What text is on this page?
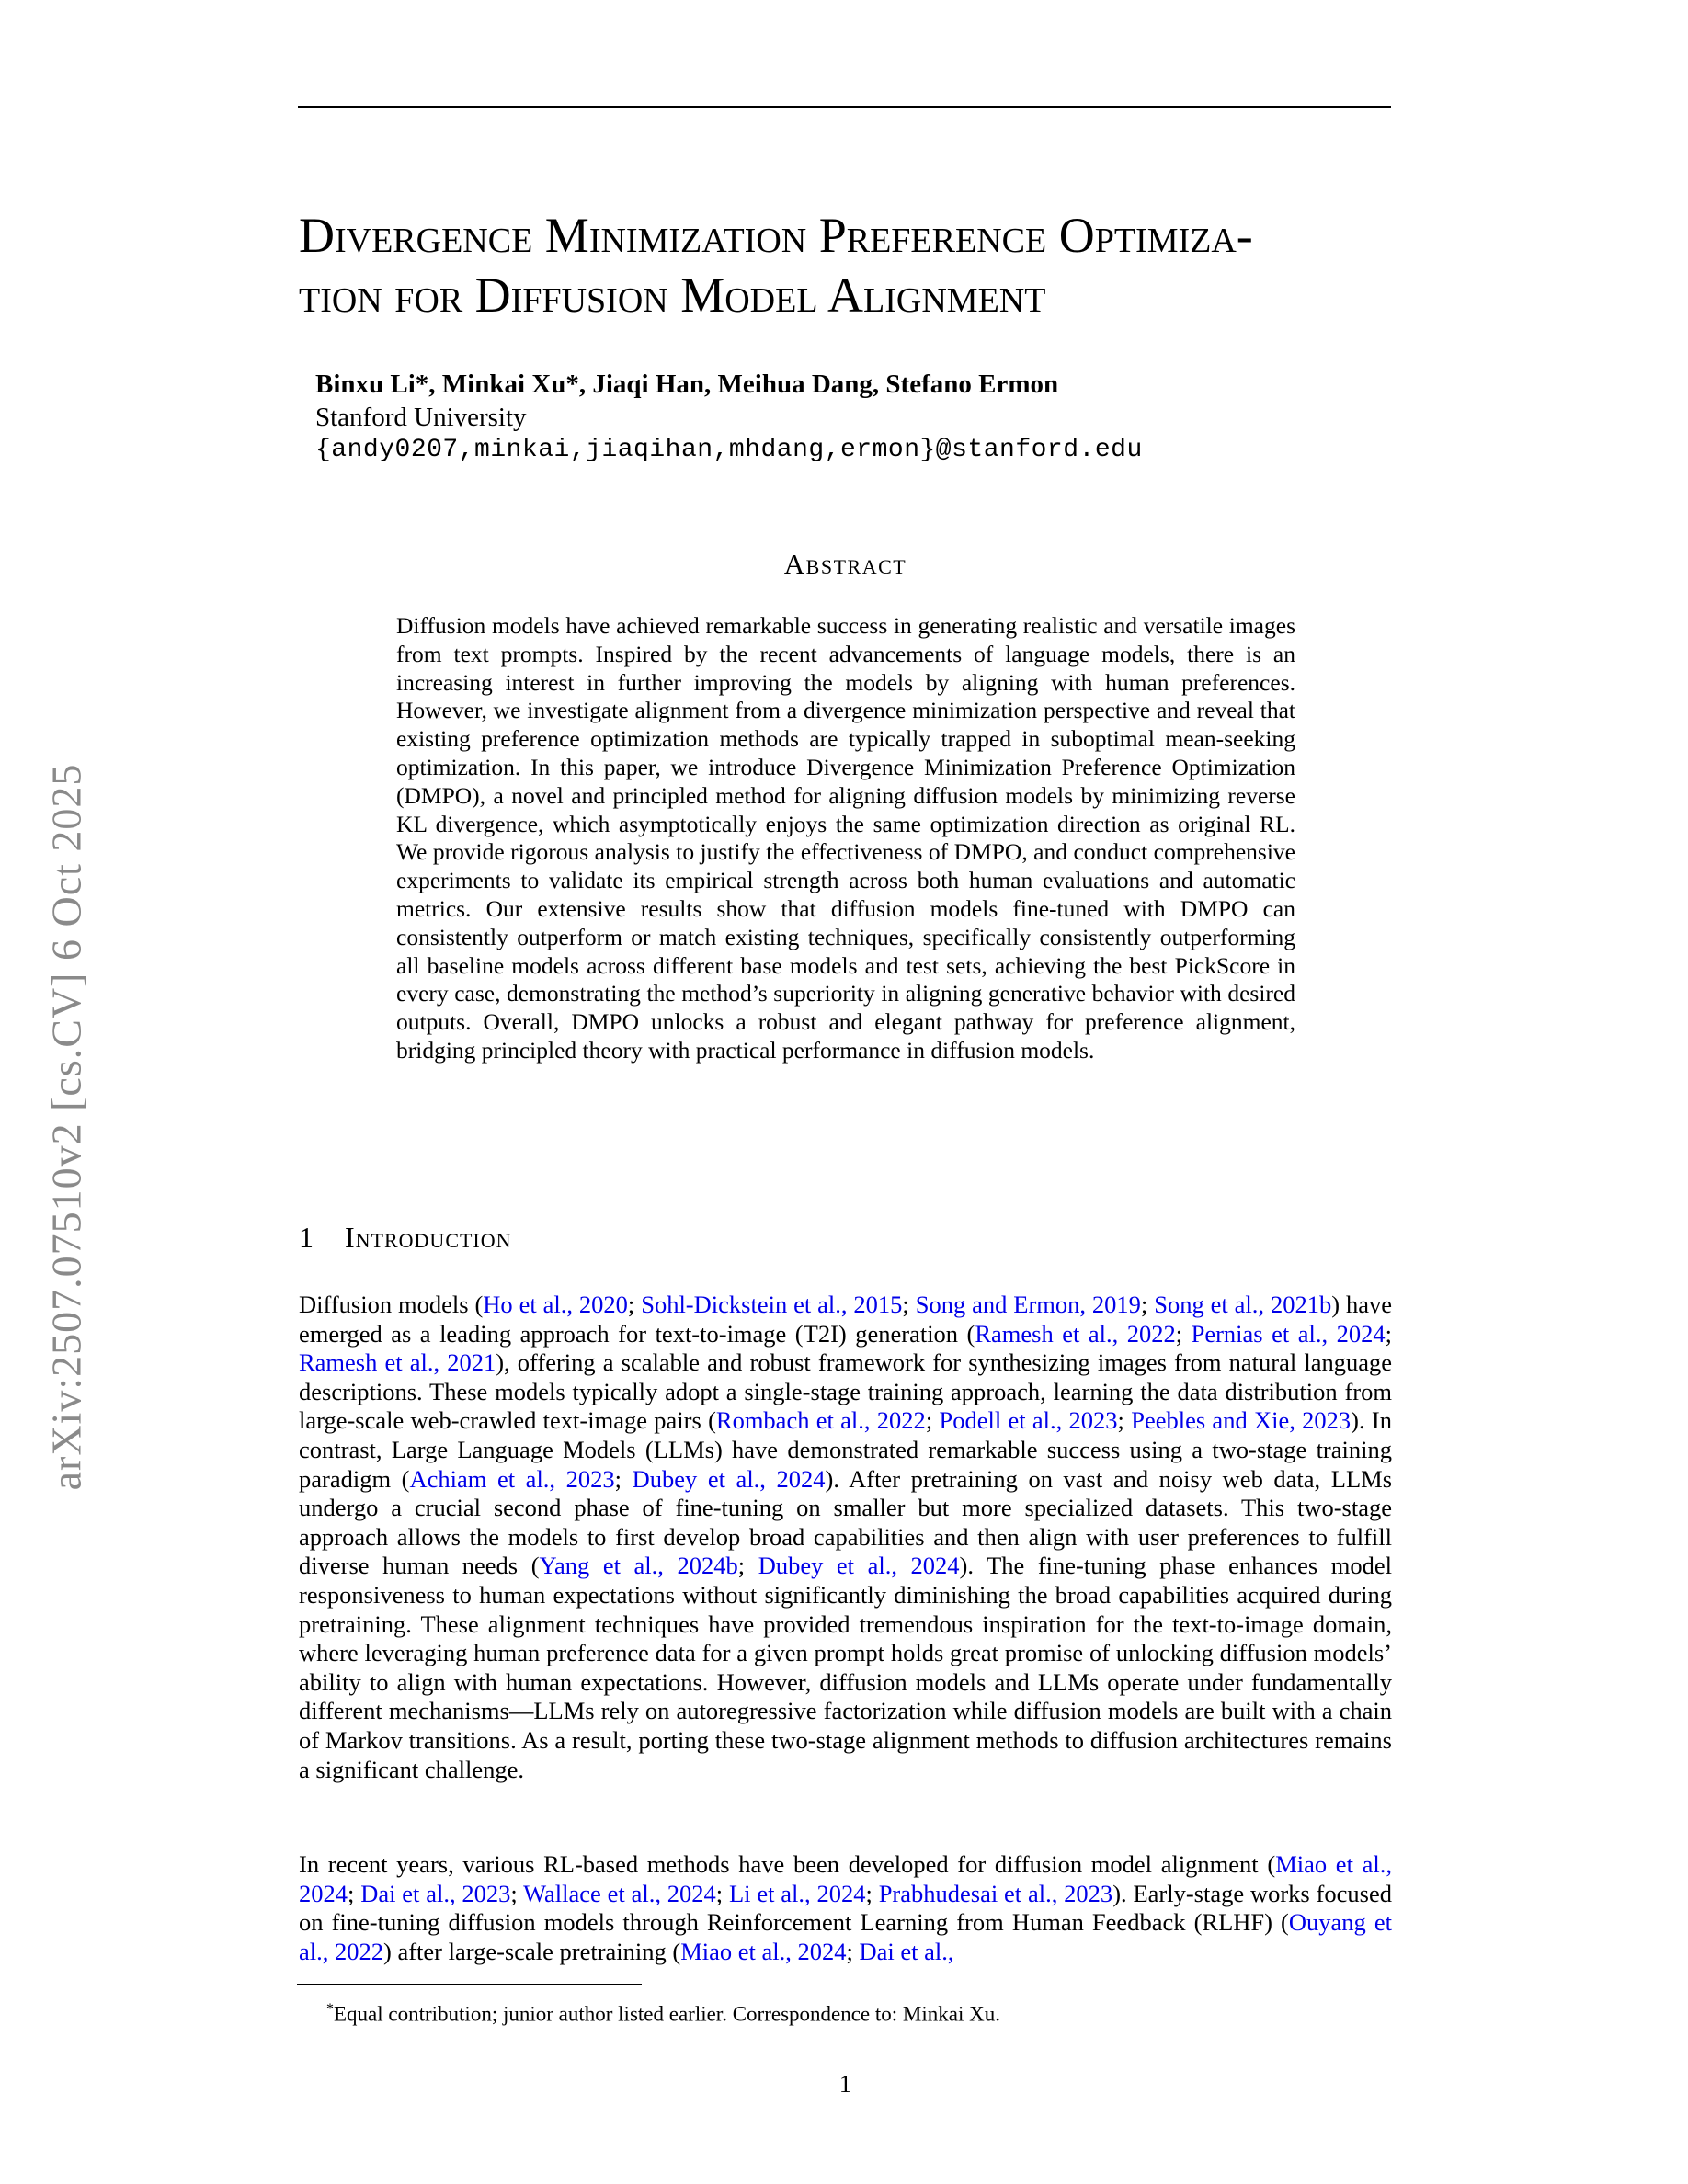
arXiv:2507.07510v2 [cs.CV] 6 Oct 2025
Divergence Minimization Preference Optimiza-
tion for Diffusion Model Alignment
Binxu Li*, Minkai Xu*, Jiaqi Han, Meihua Dang, Stefano Ermon
Stanford University
{andy0207,minkai,jiaqihan,mhdang,ermon}@stanford.edu
Abstract
Diffusion models have achieved remarkable success in generating realistic and versatile images from text prompts. Inspired by the recent advancements of language models, there is an increasing interest in further improving the models by aligning with human preferences. However, we investigate alignment from a divergence minimization perspective and reveal that existing preference optimization methods are typically trapped in suboptimal mean-seeking optimization. In this paper, we introduce Divergence Minimization Preference Optimization (DMPO), a novel and principled method for aligning diffusion models by minimizing reverse KL divergence, which asymptotically enjoys the same optimization direction as original RL. We provide rigorous analysis to justify the effectiveness of DMPO, and conduct comprehensive experiments to validate its empirical strength across both human evaluations and automatic metrics. Our extensive results show that diffusion models fine-tuned with DMPO can consistently outperform or match existing techniques, specifically consistently outperforming all baseline models across different base models and test sets, achieving the best PickScore in every case, demonstrating the method’s superiority in aligning generative behavior with desired outputs. Overall, DMPO unlocks a robust and elegant pathway for preference alignment, bridging principled theory with practical performance in diffusion models.
1 Introduction
Diffusion models (Ho et al., 2020; Sohl-Dickstein et al., 2015; Song and Ermon, 2019; Song et al., 2021b) have emerged as a leading approach for text-to-image (T2I) generation (Ramesh et al., 2022; Pernias et al., 2024; Ramesh et al., 2021), offering a scalable and robust framework for synthesizing images from natural language descriptions. These models typically adopt a single-stage training approach, learning the data distribution from large-scale web-crawled text-image pairs (Rombach et al., 2022; Podell et al., 2023; Peebles and Xie, 2023). In contrast, Large Language Models (LLMs) have demonstrated remarkable success using a two-stage training paradigm (Achiam et al., 2023; Dubey et al., 2024). After pretraining on vast and noisy web data, LLMs undergo a crucial second phase of fine-tuning on smaller but more specialized datasets. This two-stage approach allows the models to first develop broad capabilities and then align with user preferences to fulfill diverse human needs (Yang et al., 2024b; Dubey et al., 2024). The fine-tuning phase enhances model responsiveness to human expectations without significantly diminishing the broad capabilities acquired during pretraining. These alignment techniques have provided tremendous inspiration for the text-to-image domain, where leveraging human preference data for a given prompt holds great promise of unlocking diffusion models’ ability to align with human expectations. However, diffusion models and LLMs operate under fundamentally different mechanisms—LLMs rely on autoregressive factorization while diffusion models are built with a chain of Markov transitions. As a result, porting these two-stage alignment methods to diffusion architectures remains a significant challenge.
In recent years, various RL-based methods have been developed for diffusion model alignment (Miao et al., 2024; Dai et al., 2023; Wallace et al., 2024; Li et al., 2024; Prabhudesai et al., 2023). Early-stage works focused on fine-tuning diffusion models through Reinforcement Learning from Human Feedback (RLHF) (Ouyang et al., 2022) after large-scale pretraining (Miao et al., 2024; Dai et al.,
*Equal contribution; junior author listed earlier. Correspondence to: Minkai Xu.
1
